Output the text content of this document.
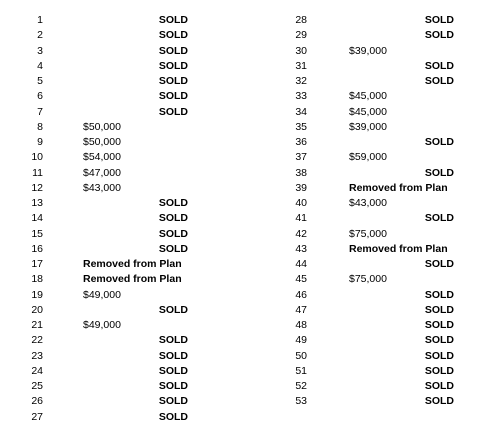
1	SOLD
2	SOLD
3	SOLD
4	SOLD
5	SOLD
6	SOLD
7	SOLD
8	$50,000
9	$50,000
10	$54,000
11	$47,000
12	$43,000
13	SOLD
14	SOLD
15	SOLD
16	SOLD
17	Removed from Plan
18	Removed from Plan
19	$49,000
20	SOLD
21	$49,000
22	SOLD
23	SOLD
24	SOLD
25	SOLD
26	SOLD
27	SOLD
28	SOLD
29	SOLD
30	$39,000
31	SOLD
32	SOLD
33	$45,000
34	$45,000
35	$39,000
36	SOLD
37	$59,000
38	SOLD
39	Removed from Plan
40	$43,000
41	SOLD
42	$75,000
43	Removed from Plan
44	SOLD
45	$75,000
46	SOLD
47	SOLD
48	SOLD
49	SOLD
50	SOLD
51	SOLD
52	SOLD
53	SOLD
